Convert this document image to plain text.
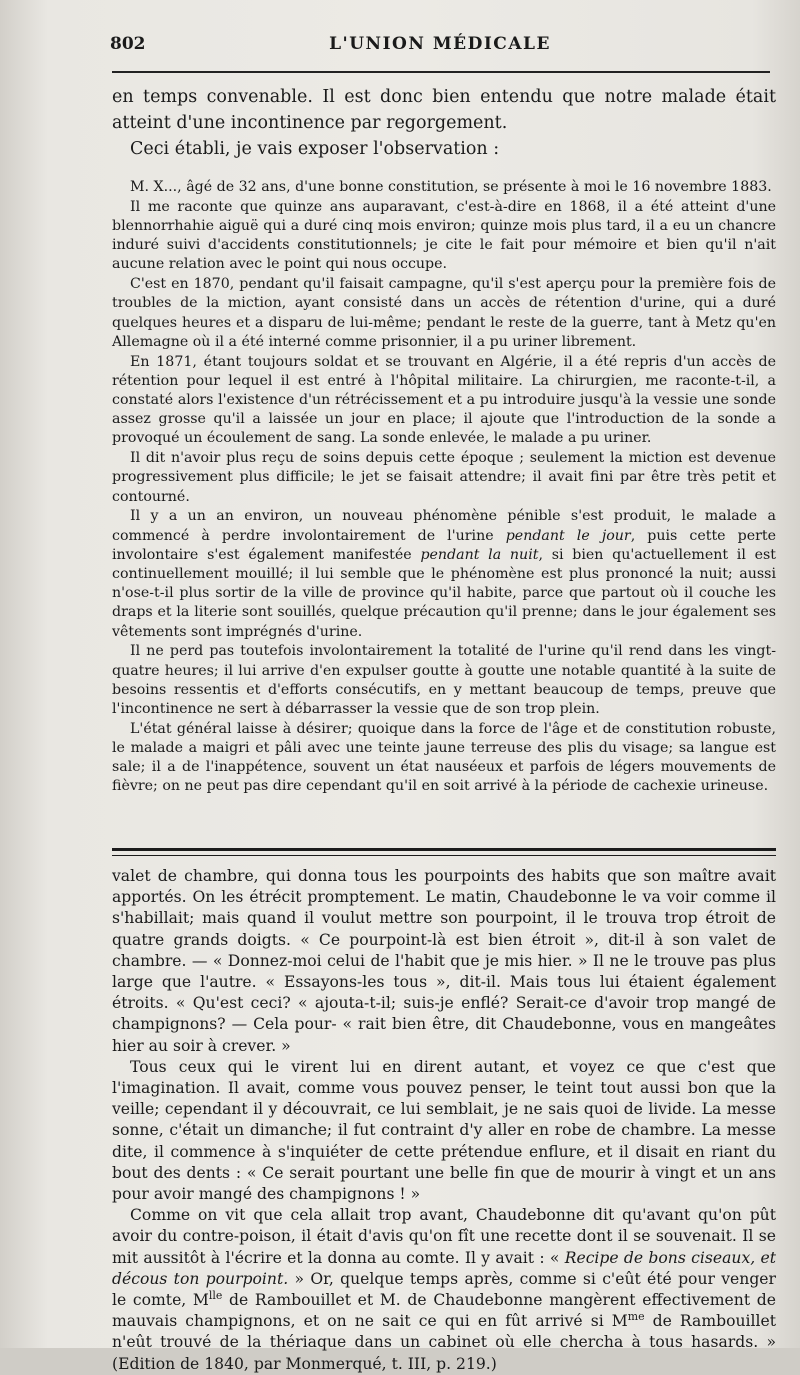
802	L'UNION MÉDICALE

en temps convenable. Il est donc bien entendu que notre malade était atteint d'une incontinence par regorgement.

Ceci établi, je vais exposer l'observation :

M. X..., âgé de 32 ans, d'une bonne constitution, se présente à moi le 16 novembre 1883.

Il me raconte que quinze ans auparavant, c'est-à-dire en 1868, il a été atteint d'une blennorrhahie aiguë qui a duré cinq mois environ; quinze mois plus tard, il a eu un chancre induré suivi d'accidents constitutionnels; je cite le fait pour mémoire et bien qu'il n'ait aucune relation avec le point qui nous occupe.

C'est en 1870, pendant qu'il faisait campagne, qu'il s'est aperçu pour la première fois de troubles de la miction, ayant consisté dans un accès de rétention d'urine, qui a duré quelques heures et a disparu de lui-même; pendant le reste de la guerre, tant à Metz qu'en Allemagne où il a été interné comme prisonnier, il a pu uriner librement.

En 1871, étant toujours soldat et se trouvant en Algérie, il a été repris d'un accès de rétention pour lequel il est entré à l'hôpital militaire. La chirurgien, me raconte-t-il, a constaté alors l'existence d'un rétrécissement et a pu introduire jusqu'à la vessie une sonde assez grosse qu'il a laissée un jour en place; il ajoute que l'introduction de la sonde a provoqué un écoulement de sang. La sonde enlevée, le malade a pu uriner.

Il dit n'avoir plus reçu de soins depuis cette époque ; seulement la miction est devenue progressivement plus difficile; le jet se faisait attendre; il avait fini par être très petit et contourné.

Il y a un an environ, un nouveau phénomène pénible s'est produit, le malade a commencé à perdre involontairement de l'urine pendant le jour, puis cette perte involontaire s'est également manifestée pendant la nuit, si bien qu'actuellement il est continuellement mouillé; il lui semble que le phénomène est plus prononcé la nuit; aussi n'ose-t-il plus sortir de la ville de province qu'il habite, parce que partout où il couche les draps et la literie sont souillés, quelque précaution qu'il prenne; dans le jour également ses vêtements sont imprégnés d'urine.

Il ne perd pas toutefois involontairement la totalité de l'urine qu'il rend dans les vingt-quatre heures; il lui arrive d'en expulser goutte à goutte une notable quantité à la suite de besoins ressentis et d'efforts consécutifs, en y mettant beaucoup de temps, preuve que l'incontinence ne sert à débarrasser la vessie que de son trop plein.

L'état général laisse à désirer; quoique dans la force de l'âge et de constitution robuste, le malade a maigri et pâli avec une teinte jaune terreuse des plis du visage; sa langue est sale; il a de l'inappétence, souvent un état nauséeux et parfois de légers mouvements de fièvre; on ne peut pas dire cependant qu'il en soit arrivé à la période de cachexie urineuse.

valet de chambre, qui donna tous les pourpoints des habits que son maître avait apportés. On les étrécit promptement. Le matin, Chaudebonne le va voir comme il s'habillait; mais quand il voulut mettre son pourpoint, il le trouva trop étroit de quatre grands doigts. « Ce pourpoint-là est bien étroit », dit-il à son valet de chambre. — « Donnez-moi celui de l'habit que je mis hier. » Il ne le trouve pas plus large que l'autre. « Essayons-les tous », dit-il. Mais tous lui étaient également étroits. « Qu'est ceci? « ajouta-t-il; suis-je enflé? Serait-ce d'avoir trop mangé de champignons? — Cela pour- « rait bien être, dit Chaudebonne, vous en mangeâtes hier au soir à crever. »

Tous ceux qui le virent lui en dirent autant, et voyez ce que c'est que l'imagination. Il avait, comme vous pouvez penser, le teint tout aussi bon que la veille; cependant il y découvrait, ce lui semblait, je ne sais quoi de livide. La messe sonne, c'était un dimanche; il fut contraint d'y aller en robe de chambre. La messe dite, il commence à s'inquiéter de cette prétendue enflure, et il disait en riant du bout des dents : « Ce serait pourtant une belle fin que de mourir à vingt et un ans pour avoir mangé des champignons ! »

Comme on vit que cela allait trop avant, Chaudebonne dit qu'avant qu'on pût avoir du contre-poison, il était d'avis qu'on fît une recette dont il se souvenait. Il se mit aussitôt à l'écrire et la donna au comte. Il y avait : « Recipe de bons ciseaux, et décous ton pourpoint. » Or, quelque temps après, comme si c'eût été pour venger le comte, $M^{lle}$ de Rambouillet et M. de Chaudebonne mangèrent effectivement de mauvais champignons, et on ne sait ce qui en fût arrivé si $M^{me}$ de Rambouillet n'eût trouvé de la thériaque dans un cabinet où elle chercha à tous hasards. » (Edition de 1840, par Monmerqué, t. III, p. 219.)
